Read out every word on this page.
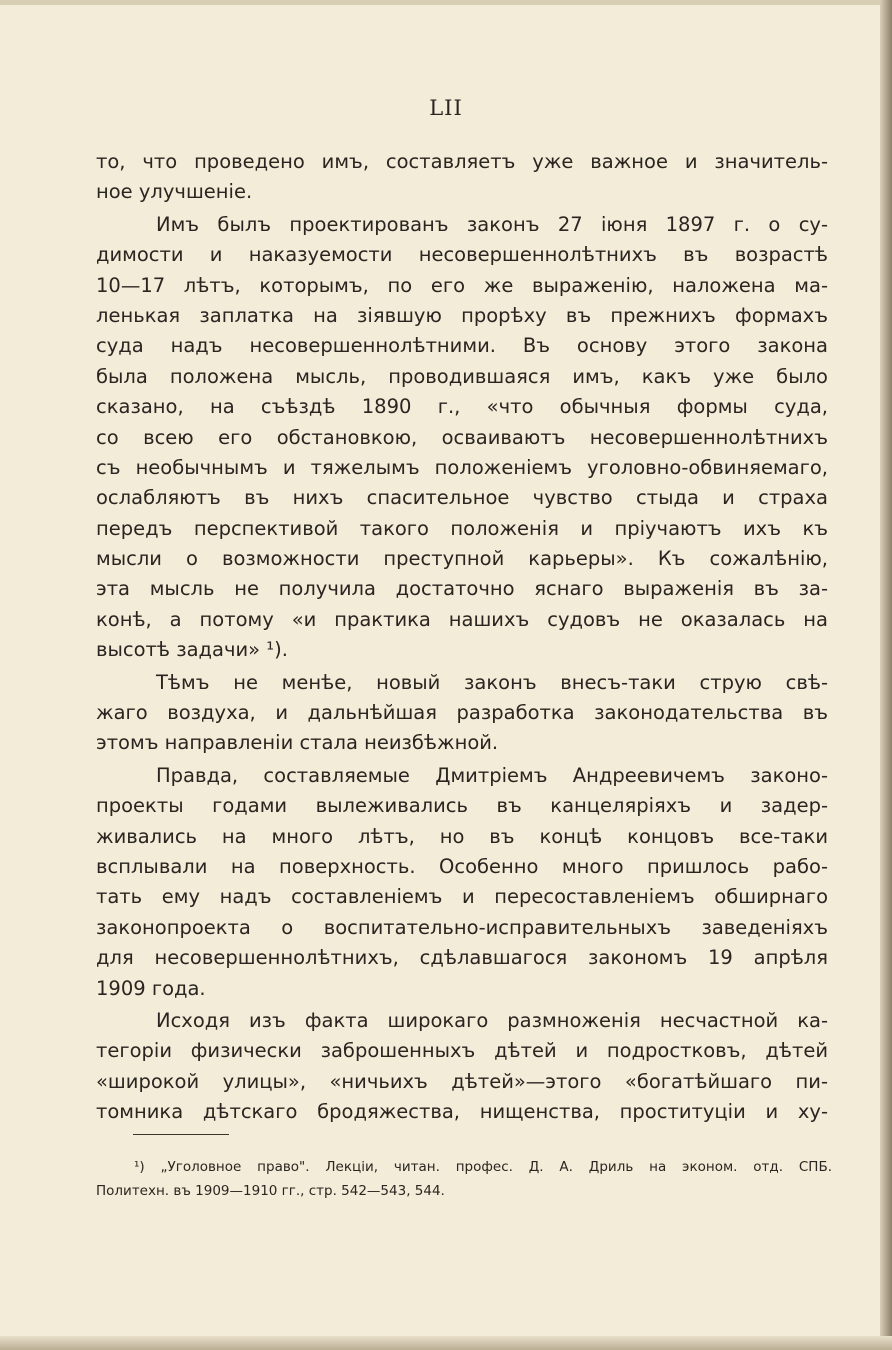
LII
то, что проведено имъ, составляетъ уже важное и значитель-
ное улучшеніе.
Имъ былъ проектированъ законъ 27 іюня 1897 г. о су-
димости и наказуемости несовершеннолѣтнихъ въ возрастѣ
10—17 лѣтъ, которымъ, по его же выраженію, наложена ма-
ленькая заплатка на зіявшую прорѣху въ прежнихъ формахъ
суда надъ несовершеннолѣтними. Въ основу этого закона
была положена мысль, проводившаяся имъ, какъ уже было
сказано, на съѣздѣ 1890 г., «что обычныя формы суда,
со всею его обстановкою, осваиваютъ несовершеннолѣтнихъ
съ необычнымъ и тяжелымъ положеніемъ уголовно-обвиняемаго,
ослабляютъ въ нихъ спасительное чувство стыда и страха
передъ перспективой такого положенія и пріучаютъ ихъ къ
мысли о возможности преступной карьеры». Къ сожалѣнію,
эта мысль не получила достаточно яснаго выраженія въ за-
конѣ, а потому «и практика нашихъ судовъ не оказалась на
высотѣ задачи» ¹).
Тѣмъ не менѣе, новый законъ внесъ-таки струю свѣ-
жаго воздуха, и дальнѣйшая разработка законодательства въ
этомъ направленіи стала неизбѣжной.
Правда, составляемые Дмитріемъ Андреевичемъ законо-
проекты годами вылеживались въ канцеляріяхъ и задер-
живались на много лѣтъ, но въ концѣ концовъ все-таки
всплывали на поверхность. Особенно много пришлось рабо-
тать ему надъ составленіемъ и пересоставленіемъ обширнаго
законопроекта о воспитательно-исправительныхъ заведеніяхъ
для несовершеннолѣтнихъ, сдѣлавшагося закономъ 19 апрѣля
1909 года.
Исходя изъ факта широкаго размноженія несчастной ка-
тегоріи физически заброшенныхъ дѣтей и подростковъ, дѣтей
«широкой улицы», «ничьихъ дѣтей»—этого «богатѣйшаго пи-
томника дѣтскаго бродяжества, нищенства, проституціи и ху-
¹) „Уголовное право". Лекціи, читан. профес. Д. А. Дриль на эконом. отд. СПБ.
Политехн. въ 1909—1910 гг., стр. 542—543, 544.
